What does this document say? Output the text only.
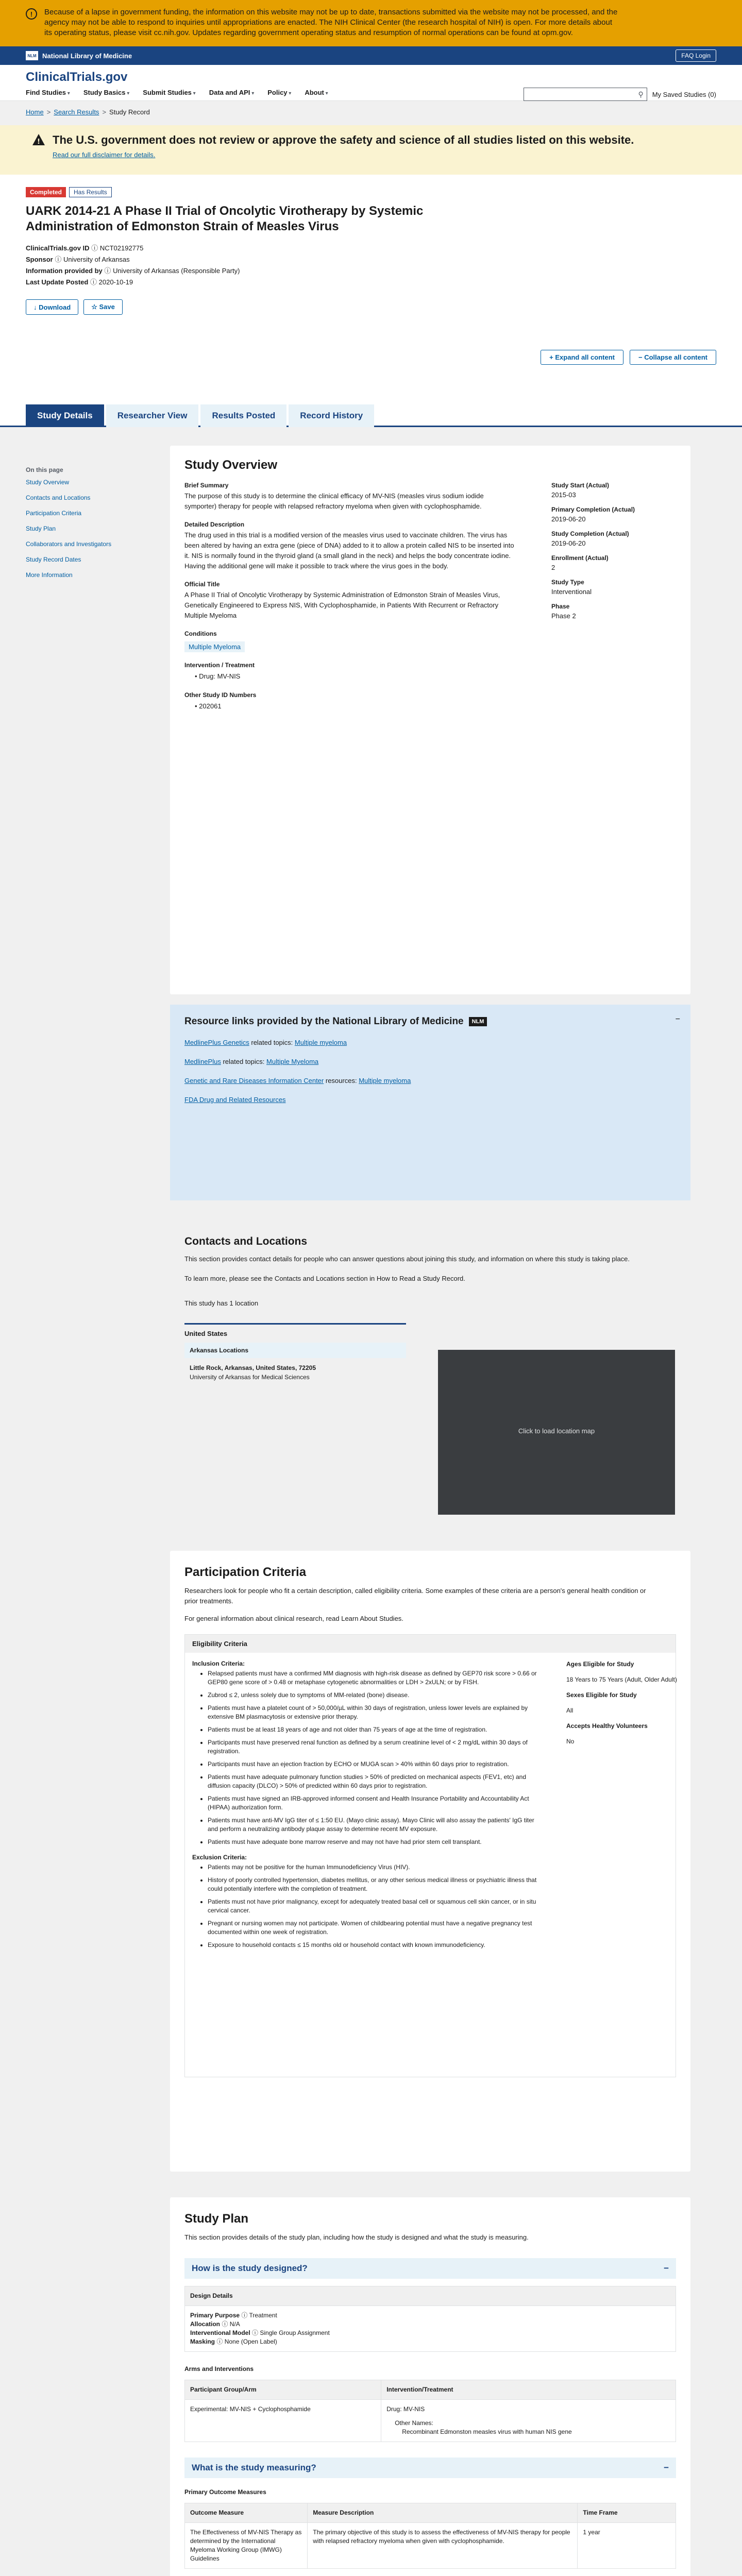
!	Because of a lapse in government funding, the information on this website may not be up to date, transactions submitted via the website may not be processed, and the agency may not be able to respond to inquiries until appropriations are enacted. The NIH Clinical Center (the research hospital of NIH) is open. For more details about its operating status, please visit cc.nih.gov. Updates regarding government operating status and resumption of normal operations can be found at opm.gov.

NLM National Library of Medicine	FAQ Login
ClinicalTrials.gov
Find Studies ▾	Study Basics ▾	Submit Studies ▾	Data and API ▾	Policy ▾	About ▾	⚲ My Saved Studies (0)
Home > Search Results > Study Record
! The U.S. government does not review or approve the safety and science of all studies listed on this website.

Read our full disclaimer for details.

Completed Has Results
UARK 2014-21 A Phase II Trial of Oncolytic Virotherapy by Systemic Administration of Edmonston Strain of Measles Virus
ClinicalTrials.gov ID ⓘ NCT02192775
Sponsor ⓘ University of Arkansas
Information provided by ⓘ University of Arkansas (Responsible Party)
Last Update Posted ⓘ 2020-10-19
↓ Download	☆ Save
+ Expand all content	− Collapse all content
Study Details	Researcher View	Results Posted	Record History
On this page
Study Overview
Contacts and Locations
Participation Criteria
Study Plan
Collaborators and Investigators
Study Record Dates
More Information
Study Overview
Brief Summary

The purpose of this study is to determine the clinical efficacy of MV-NIS (measles virus sodium iodide symporter) therapy for people with relapsed refractory myeloma when given with cyclophosphamide.

Detailed Description

The drug used in this trial is a modified version of the measles virus used to vaccinate children. The virus has been altered by having an extra gene (piece of DNA) added to it to allow a protein called NIS to be inserted into it. NIS is normally found in the thyroid gland (a small gland in the neck) and helps the body concentrate iodine. Having the additional gene will make it possible to track where the virus goes in the body.

Official Title

A Phase II Trial of Oncolytic Virotherapy by Systemic Administration of Edmonston Strain of Measles Virus, Genetically Engineered to Express NIS, With Cyclophosphamide, in Patients With Recurrent or Refractory Multiple Myeloma

Conditions
Multiple Myeloma
Intervention / Treatment
• Drug: MV-NIS
Other Study ID Numbers
• 202061
Study Start (Actual)
2015-03
Primary Completion (Actual)
2019-06-20
Study Completion (Actual)
2019-06-20
Enrollment (Actual)
2
Study Type
Interventional
Phase
Phase 2
Resource links provided by the National Library of Medicine	NLM	−
MedlinePlus Genetics related topics: Multiple myeloma
MedlinePlus related topics: Multiple Myeloma
Genetic and Rare Diseases Information Center resources: Multiple myeloma
FDA Drug and Related Resources
Contacts and Locations

This section provides contact details for people who can answer questions about joining this study, and information on where this study is taking place.

To learn more, please see the Contacts and Locations section in How to Read a Study Record.

This study has 1 location

United States
Arkansas Locations
Little Rock, Arkansas, United States, 72205
University of Arkansas for Medical Sciences
Click to load location map
Participation Criteria

Researchers look for people who fit a certain description, called eligibility criteria. Some examples of these criteria are a person's general health condition or prior treatments.

For general information about clinical research, read Learn About Studies.

Eligibility Criteria
Inclusion Criteria:
• Relapsed patients must have a confirmed MM diagnosis with high-risk disease as defined by GEP70 risk score > 0.66 or GEP80 gene score of > 0.48 or metaphase cytogenetic abnormalities or LDH > 2xULN; or by FISH.
• Zubrod ≤ 2, unless solely due to symptoms of MM-related (bone) disease.
• Patients must have a platelet count of > 50,000/µL within 30 days of registration, unless lower levels are explained by extensive BM plasmacytosis or extensive prior therapy.
• Patients must be at least 18 years of age and not older than 75 years of age at the time of registration.
• Participants must have preserved renal function as defined by a serum creatinine level of < 2 mg/dL within 30 days of registration.
• Participants must have an ejection fraction by ECHO or MUGA scan > 40% within 60 days prior to registration.
• Patients must have adequate pulmonary function studies > 50% of predicted on mechanical aspects (FEV1, etc) and diffusion capacity (DLCO) > 50% of predicted within 60 days prior to registration.
• Patients must have signed an IRB-approved informed consent and Health Insurance Portability and Accountability Act (HIPAA) authorization form.
• Patients must have anti-MV IgG titer of ≤ 1:50 EU. (Mayo clinic assay). Mayo Clinic will also assay the patients' IgG titer and perform a neutralizing antibody plaque assay to determine recent MV exposure.
• Patients must have adequate bone marrow reserve and may not have had prior stem cell transplant.
Exclusion Criteria:
• Patients may not be positive for the human Immunodeficiency Virus (HIV).
• History of poorly controlled hypertension, diabetes mellitus, or any other serious medical illness or psychiatric illness that could potentially interfere with the completion of treatment.
• Patients must not have prior malignancy, except for adequately treated basal cell or squamous cell skin cancer, or in situ cervical cancer.
• Pregnant or nursing women may not participate. Women of childbearing potential must have a negative pregnancy test documented within one week of registration.
• Exposure to household contacts ≤ 15 months old or household contact with known immunodeficiency.
Ages Eligible for Study
18 Years to 75 Years (Adult, Older Adult)
Sexes Eligible for Study
All
Accepts Healthy Volunteers
No
Study Plan

This section provides details of the study plan, including how the study is designed and what the study is measuring.

How is the study designed?	−
Design Details

Primary Purpose ⓘ Treatment
Allocation ⓘ N/A
Interventional Model ⓘ Single Group Assignment
Masking ⓘ None (Open Label)
Arms and Interventions
Participant Group/Arm	Intervention/Treatment
Experimental: MV-NIS + Cyclophosphamide	Drug: MV-NIS
Other Names:
Recombinant Edmonston measles virus with human NIS gene
What is the study measuring?	−
Primary Outcome Measures
Outcome Measure	Measure Description	Time Frame
The Effectiveness of MV-NIS Therapy as determined by the International Myeloma Working Group (IMWG) Guidelines	The primary objective of this study is to assess the effectiveness of MV-NIS therapy for people with relapsed refractory myeloma when given with cyclophosphamide.	1 year
